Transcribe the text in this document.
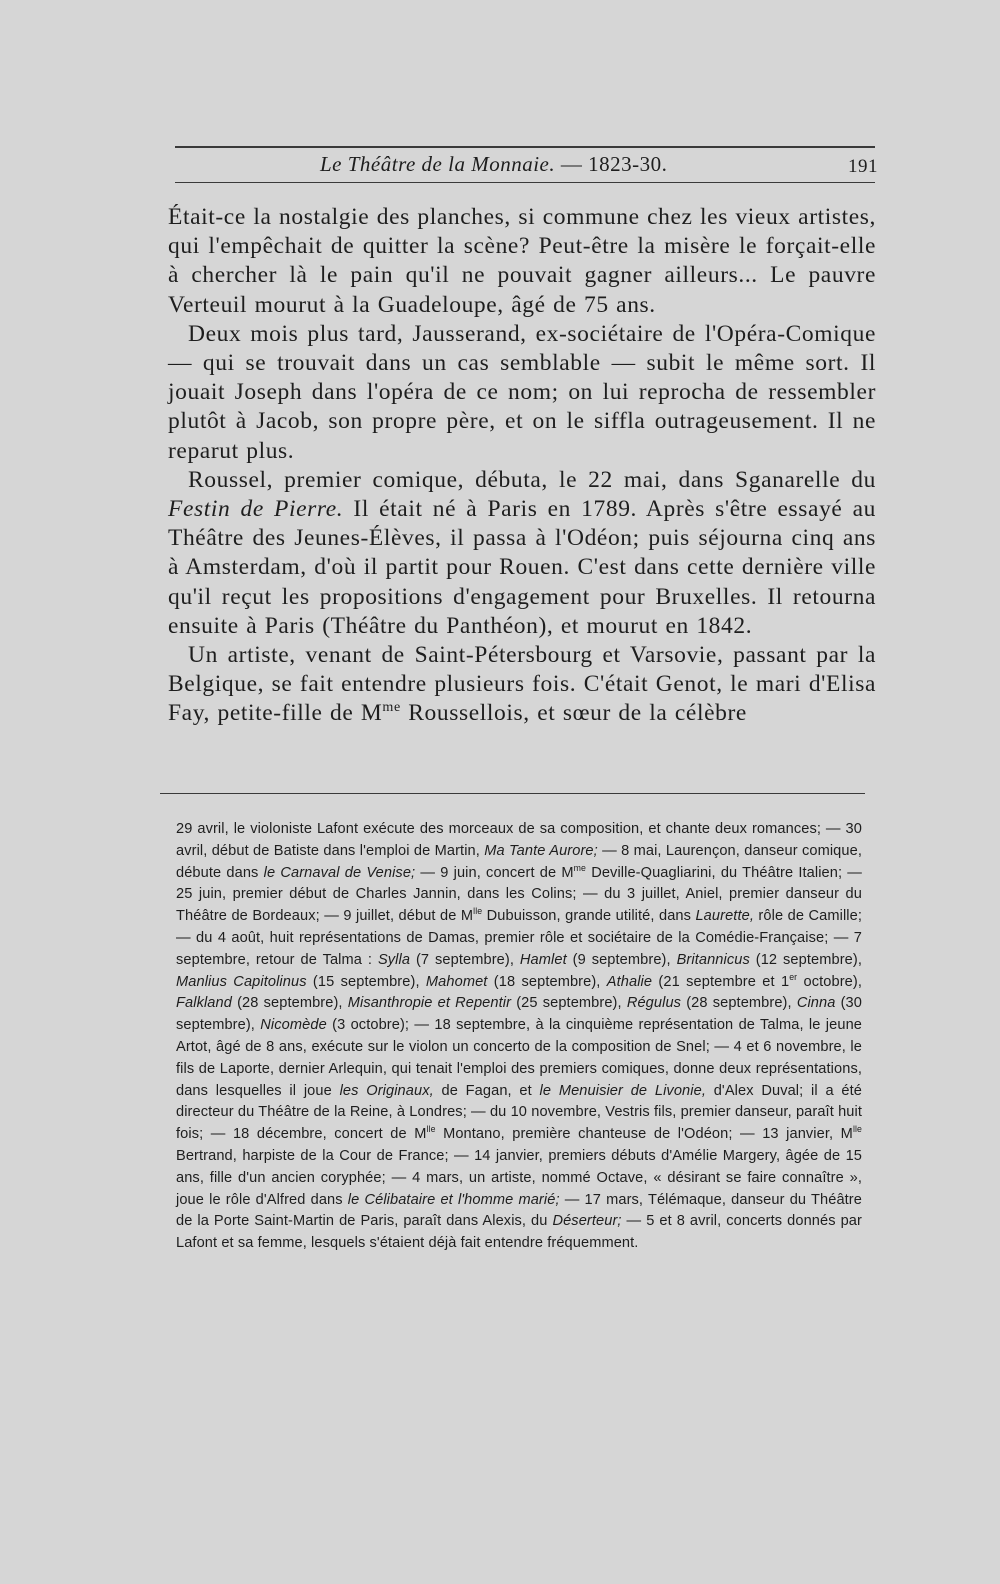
Le Théâtre de la Monnaie. — 1823-30.	191

Était-ce la nostalgie des planches, si commune chez les vieux artistes, qui l'empêchait de quitter la scène? Peut-être la misère le forçait-elle à chercher là le pain qu'il ne pouvait gagner ailleurs... Le pauvre Verteuil mourut à la Guadeloupe, âgé de 75 ans.

Deux mois plus tard, Jausserand, ex-sociétaire de l'Opéra-Comique — qui se trouvait dans un cas semblable — subit le même sort. Il jouait Joseph dans l'opéra de ce nom; on lui reprocha de ressembler plutôt à Jacob, son propre père, et on le siffla outrageusement. Il ne reparut plus.

Roussel, premier comique, débuta, le 22 mai, dans Sganarelle du Festin de Pierre. Il était né à Paris en 1789. Après s'être essayé au Théâtre des Jeunes-Élèves, il passa à l'Odéon; puis séjourna cinq ans à Amsterdam, d'où il partit pour Rouen. C'est dans cette dernière ville qu'il reçut les propositions d'engagement pour Bruxelles. Il retourna ensuite à Paris (Théâtre du Panthéon), et mourut en 1842.

Un artiste, venant de Saint-Pétersbourg et Varsovie, passant par la Belgique, se fait entendre plusieurs fois. C'était Genot, le mari d'Elisa Fay, petite-fille de $M^{me}$ Roussellois, et sœur de la célèbre

29 avril, le violoniste Lafont exécute des morceaux de sa composition, et chante deux romances; — 30 avril, début de Batiste dans l'emploi de Martin, Ma Tante Aurore; — 8 mai, Laurençon, danseur comique, débute dans le Carnaval de Venise; — 9 juin, concert de $M^{me}$ Deville-Quagliarini, du Théâtre Italien; — 25 juin, premier début de Charles Jannin, dans les Colins; — du 3 juillet, Aniel, premier danseur du Théâtre de Bordeaux; — 9 juillet, début de $M^{lle}$ Dubuisson, grande utilité, dans Laurette, rôle de Camille; — du 4 août, huit représentations de Damas, premier rôle et sociétaire de la Comédie-Française; — 7 septembre, retour de Talma : Sylla (7 septembre), Hamlet (9 septembre), Britannicus (12 septembre), Manlius Capitolinus (15 septembre), Mahomet (18 septembre), Athalie (21 septembre et 1er octobre), Falkland (28 septembre), Misanthropie et Repentir (25 septembre), Régulus (28 septembre), Cinna (30 septembre), Nicomède (3 octobre); — 18 septembre, à la cinquième représentation de Talma, le jeune Artot, âgé de 8 ans, exécute sur le violon un concerto de la composition de Snel; — 4 et 6 novembre, le fils de Laporte, dernier Arlequin, qui tenait l'emploi des premiers comiques, donne deux représentations, dans lesquelles il joue les Originaux, de Fagan, et le Menuisier de Livonie, d'Alex Duval; il a été directeur du Théâtre de la Reine, à Londres; — du 10 novembre, Vestris fils, premier danseur, paraît huit fois; — 18 décembre, concert de $M^{lle}$ Montano, première chanteuse de l'Odéon; — 13 janvier, $M^{lle}$ Bertrand, harpiste de la Cour de France; — 14 janvier, premiers débuts d'Amélie Margery, âgée de 15 ans, fille d'un ancien coryphée; — 4 mars, un artiste, nommé Octave, « désirant se faire connaître », joue le rôle d'Alfred dans le Célibataire et l'homme marié; — 17 mars, Télémaque, danseur du Théâtre de la Porte Saint-Martin de Paris, paraît dans Alexis, du Déserteur; — 5 et 8 avril, concerts donnés par Lafont et sa femme, lesquels s'étaient déjà fait entendre fréquemment.
